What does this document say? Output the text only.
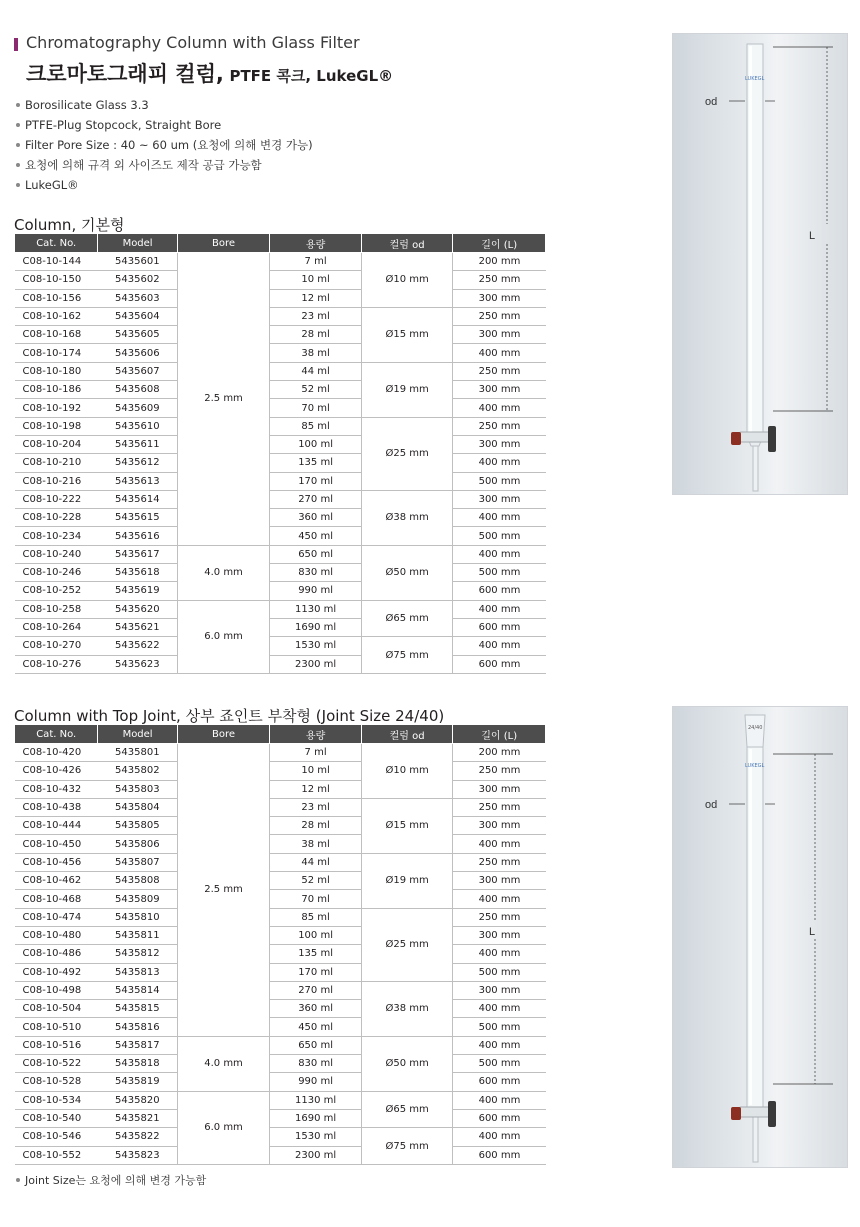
Chromatography Column with Glass Filter
크로마토그래피 컬럼, PTFE 콕크, LukeGL®
Borosilicate Glass 3.3
PTFE-Plug Stopcock, Straight Bore
Filter Pore Size : 40 ~ 60 um (요청에 의해 변경 가능)
요청에 의해 규격 외 사이즈도 제작 공급 가능함
LukeGL®
Column, 기본형
Cat. No.	Model	Bore	용량	컬럼 od	길이 (L)
C08-10-144	5435601	2.5 mm	7 ml	Ø10 mm	200 mm
C08-10-150	5435602		10 ml		250 mm
C08-10-156	5435603		12 ml		300 mm
C08-10-162	5435604		23 ml	Ø15 mm	250 mm
C08-10-168	5435605		28 ml		300 mm
C08-10-174	5435606		38 ml		400 mm
C08-10-180	5435607		44 ml	Ø19 mm	250 mm
C08-10-186	5435608		52 ml		300 mm
C08-10-192	5435609		70 ml		400 mm
C08-10-198	5435610		85 ml	Ø25 mm	250 mm
C08-10-204	5435611		100 ml		300 mm
C08-10-210	5435612		135 ml		400 mm
C08-10-216	5435613		170 ml		500 mm
C08-10-222	5435614		270 ml	Ø38 mm	300 mm
C08-10-228	5435615		360 ml		400 mm
C08-10-234	5435616		450 ml		500 mm
C08-10-240	5435617	4.0 mm	650 ml	Ø50 mm	400 mm
C08-10-246	5435618		830 ml		500 mm
C08-10-252	5435619		990 ml		600 mm
C08-10-258	5435620	6.0 mm	1130 ml	Ø65 mm	400 mm
C08-10-264	5435621		1690 ml		600 mm
C08-10-270	5435622		1530 ml	Ø75 mm	400 mm
C08-10-276	5435623		2300 ml		600 mm
Column with Top Joint, 상부 죠인트 부착형 (Joint Size 24/40)
Cat. No.	Model	Bore	용량	컬럼 od	길이 (L)
C08-10-420	5435801	2.5 mm	7 ml	Ø10 mm	200 mm
C08-10-426	5435802		10 ml		250 mm
C08-10-432	5435803		12 ml		300 mm
C08-10-438	5435804		23 ml	Ø15 mm	250 mm
C08-10-444	5435805		28 ml		300 mm
C08-10-450	5435806		38 ml		400 mm
C08-10-456	5435807		44 ml	Ø19 mm	250 mm
C08-10-462	5435808		52 ml		300 mm
C08-10-468	5435809		70 ml		400 mm
C08-10-474	5435810		85 ml	Ø25 mm	250 mm
C08-10-480	5435811		100 ml		300 mm
C08-10-486	5435812		135 ml		400 mm
C08-10-492	5435813		170 ml		500 mm
C08-10-498	5435814		270 ml	Ø38 mm	300 mm
C08-10-504	5435815		360 ml		400 mm
C08-10-510	5435816		450 ml		500 mm
C08-10-516	5435817	4.0 mm	650 ml	Ø50 mm	400 mm
C08-10-522	5435818		830 ml		500 mm
C08-10-528	5435819		990 ml		600 mm
C08-10-534	5435820	6.0 mm	1130 ml	Ø65 mm	400 mm
C08-10-540	5435821		1690 ml		600 mm
C08-10-546	5435822		1530 ml	Ø75 mm	400 mm
C08-10-552	5435823		2300 ml		600 mm
Joint Size는 요청에 의해 변경 가능함
LUKEGL
od
L
24/40
LUKEGL
od
L
